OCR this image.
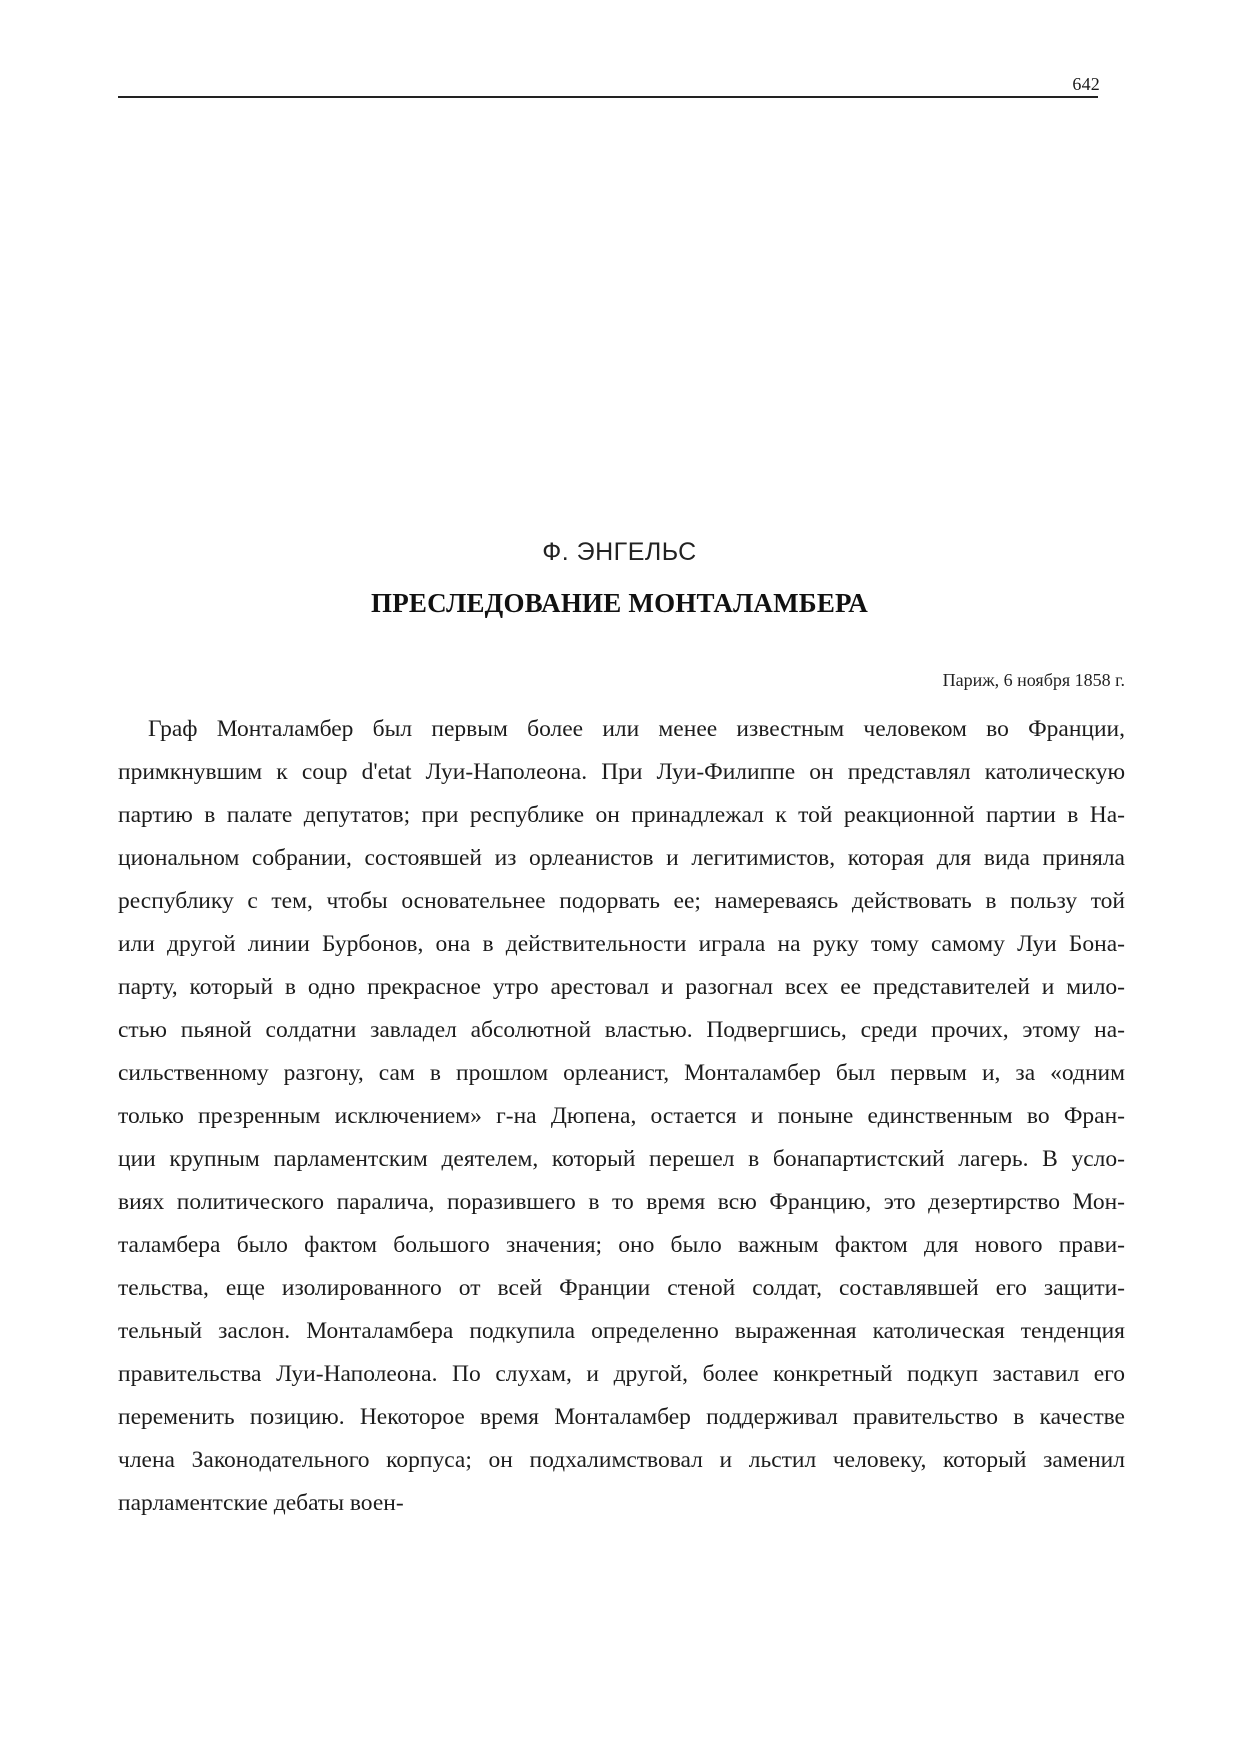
642
Ф. ЭНГЕЛЬС
ПРЕСЛЕДОВАНИЕ МОНТАЛАМБЕРА
Париж, 6 ноября 1858 г.
Граф Монталамбер был первым более или менее известным человеком во Франции,
примкнувшим к coup d'etat Луи-Наполеона. При Луи-Филиппе он представлял католическую
партию в палате депутатов; при республике он принадлежал к той реакционной партии в На-
циональном собрании, состоявшей из орлеанистов и легитимистов, которая для вида приняла
республику с тем, чтобы основательнее подорвать ее; намереваясь действовать в пользу той
или другой линии Бурбонов, она в действительности играла на руку тому самому Луи Бона-
парту, который в одно прекрасное утро арестовал и разогнал всех ее представителей и мило-
стью пьяной солдатни завладел абсолютной властью. Подвергшись, среди прочих, этому на-
сильственному разгону, сам в прошлом орлеанист, Монталамбер был первым и, за «одним
только презренным исключением» г-на Дюпена, остается и поныне единственным во Фран-
ции крупным парламентским деятелем, который перешел в бонапартистский лагерь. В усло-
виях политического паралича, поразившего в то время всю Францию, это дезертирство Мон-
таламбера было фактом большого значения; оно было важным фактом для нового прави-
тельства, еще изолированного от всей Франции стеной солдат, составлявшей его защити-
тельный заслон. Монталамбера подкупила определенно выраженная католическая тенденция
правительства Луи-Наполеона. По слухам, и другой, более конкретный подкуп заставил его
переменить позицию. Некоторое время Монталамбер поддерживал правительство в качестве
члена Законодательного корпуса; он подхалимствовал и льстил человеку, который заменил
парламентские дебаты воен-
